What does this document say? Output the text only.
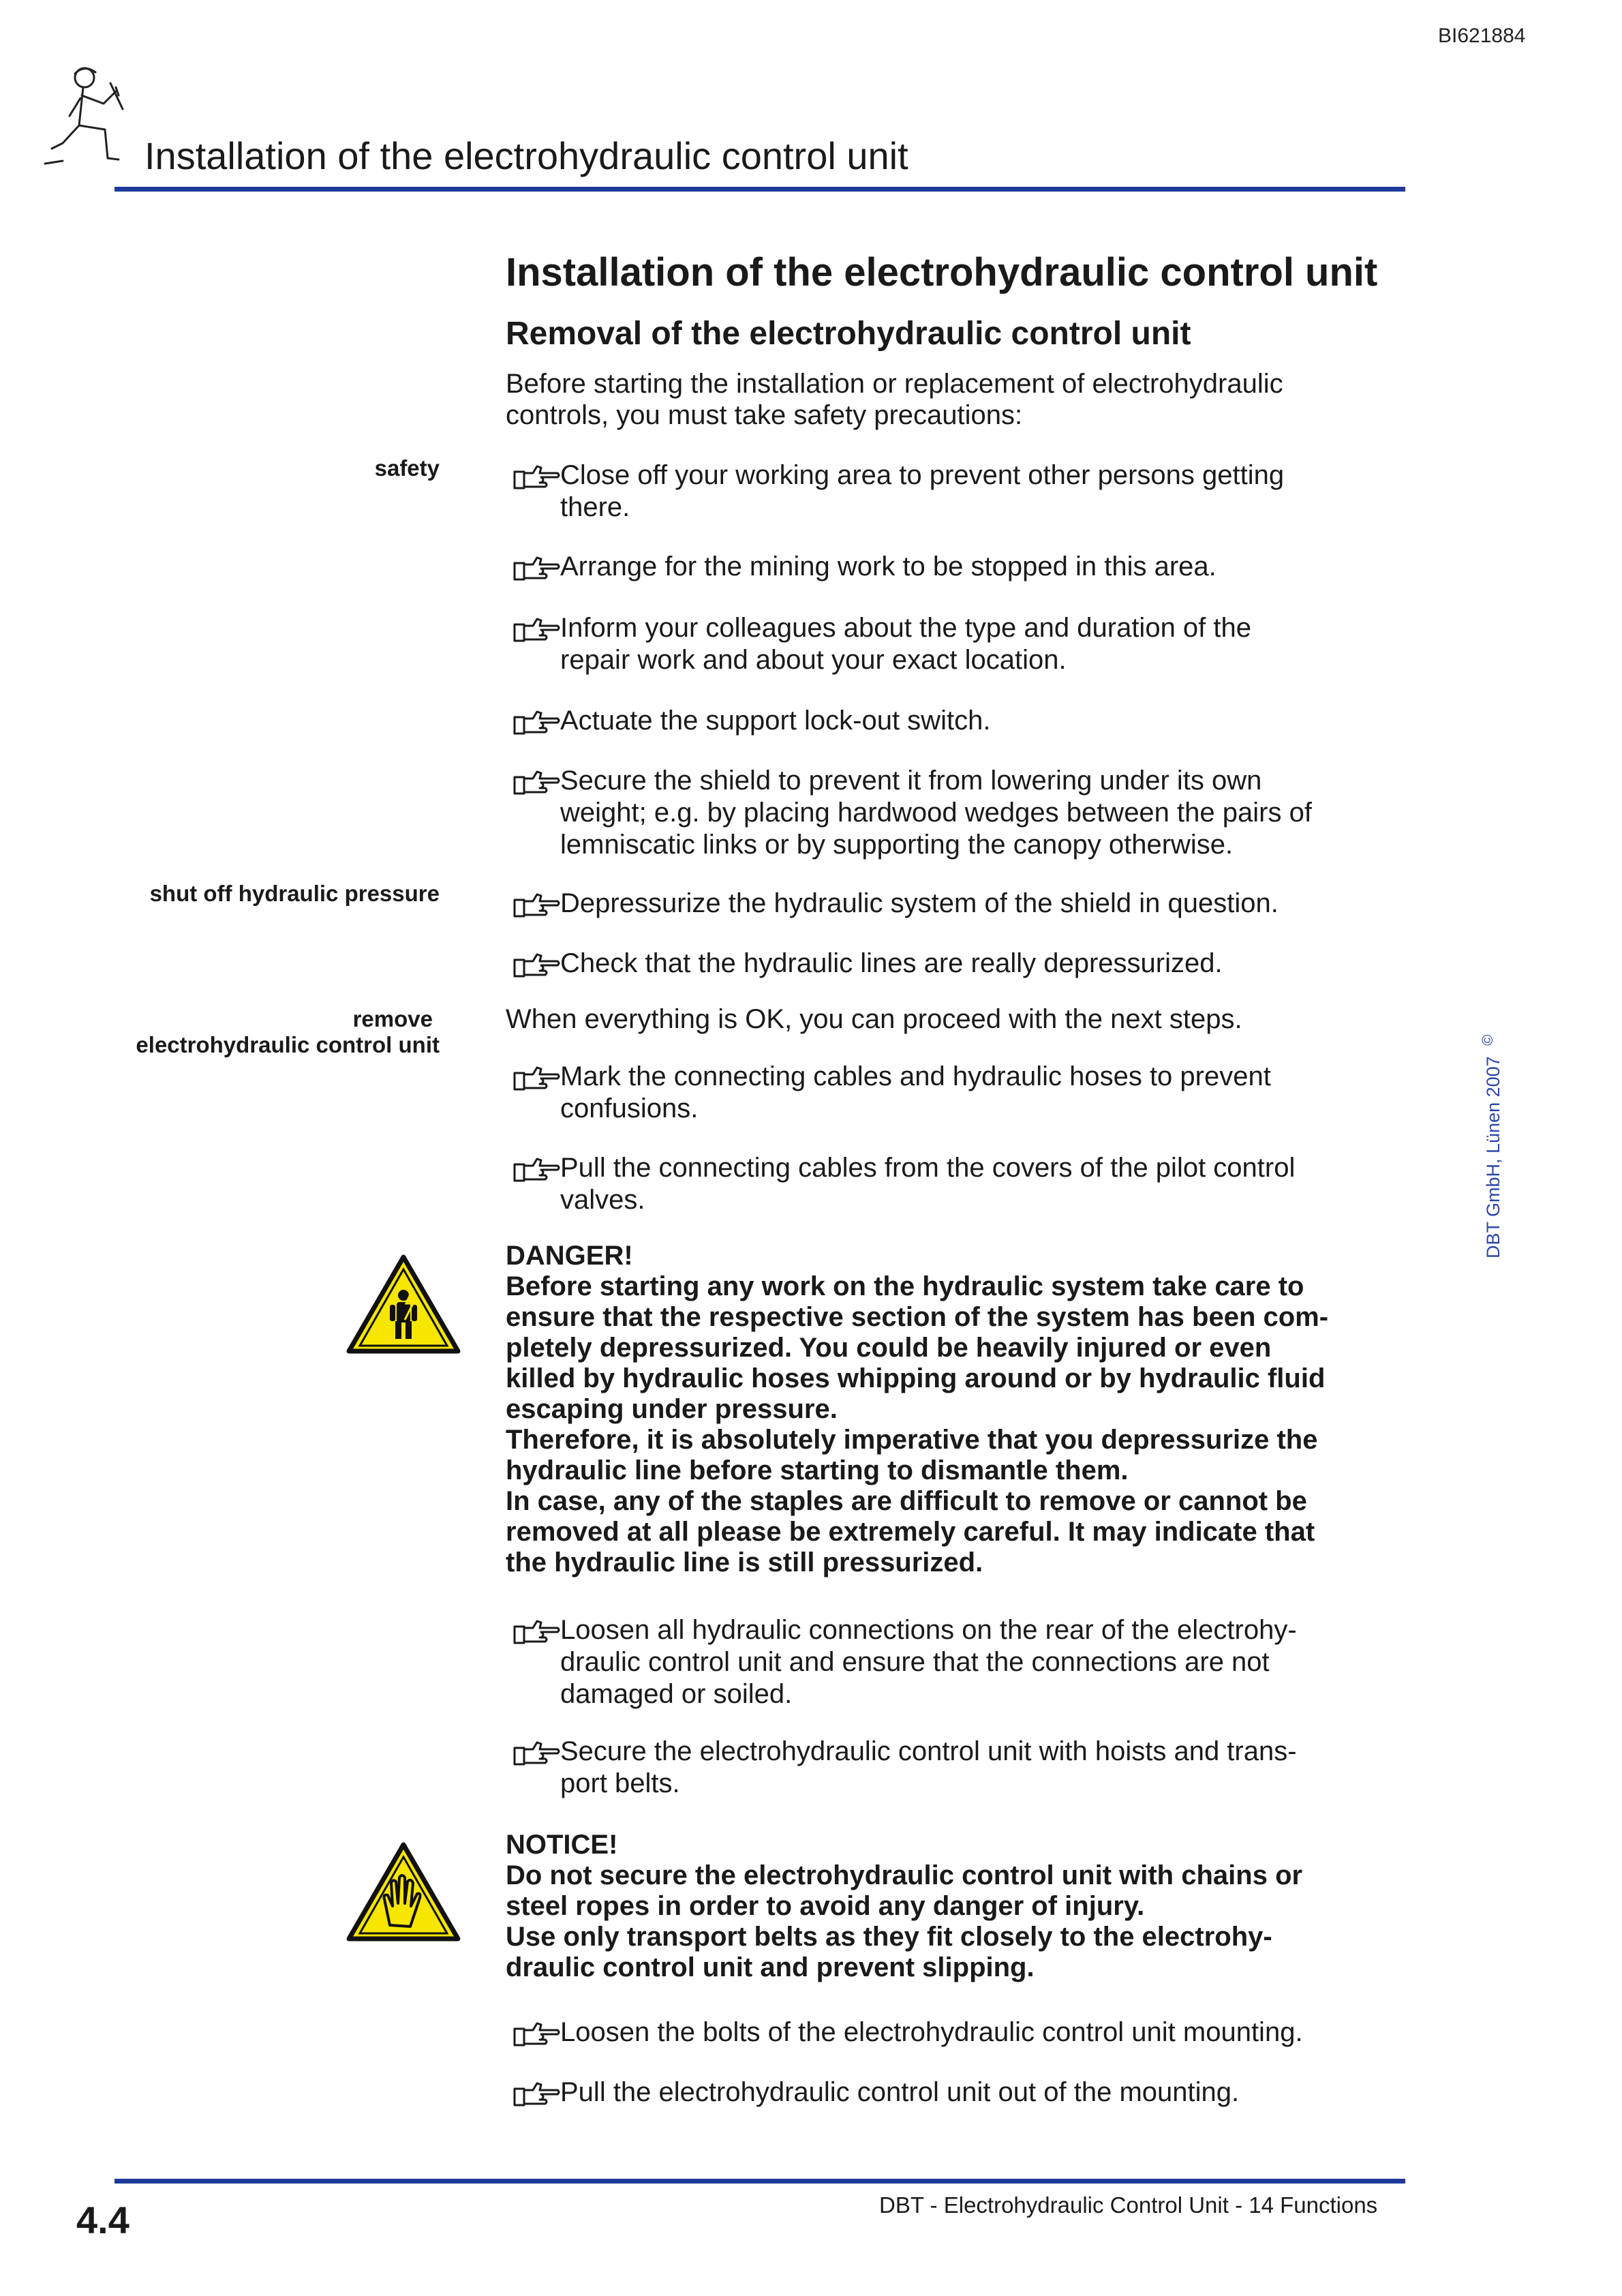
BI621884
Installation of the electrohydraulic control unit
Installation of the electrohydraulic control unit
Removal of the electrohydraulic control unit
Before starting the installation or replacement of electrohydraulic
controls, you must take safety precautions:
safety
shut off hydraulic pressure
remove
electrohydraulic control unit
Close off your working area to prevent other persons getting
there.
Arrange for the mining work to be stopped in this area.
Inform your colleagues about the type and duration of the
repair work and about your exact location.
Actuate the support lock-out switch.
Secure the shield to prevent it from lowering under its own
weight; e.g. by placing hardwood wedges between the pairs of
lemniscatic links or by supporting the canopy otherwise.
Depressurize the hydraulic system of the shield in question.
Check that the hydraulic lines are really depressurized.
When everything is OK, you can proceed with the next steps.
Mark the connecting cables and hydraulic hoses to prevent
confusions.
Pull the connecting cables from the covers of the pilot control
valves.
DANGER!
Before starting any work on the hydraulic system take care to
ensure that the respective section of the system has been com-
pletely depressurized. You could be heavily injured or even
killed by hydraulic hoses whipping around or by hydraulic fluid
escaping under pressure.
Therefore, it is absolutely imperative that you depressurize the
hydraulic line before starting to dismantle them.
In case, any of the staples are difficult to remove or cannot be
removed at all please be extremely careful. It may indicate that
the hydraulic line is still pressurized.
Loosen all hydraulic connections on the rear of the electrohy-
draulic control unit and ensure that the connections are not
damaged or soiled.
Secure the electrohydraulic control unit with hoists and trans-
port belts.
NOTICE!
Do not secure the electrohydraulic control unit with chains or
steel ropes in order to avoid any danger of injury.
Use only transport belts as they fit closely to the electrohy-
draulic control unit and prevent slipping.
Loosen the bolts of the electrohydraulic control unit mounting.
Pull the electrohydraulic control unit out of the mounting.
DBT GmbH, Lünen 2007 ©
4.4	DBT - Electrohydraulic Control Unit - 14 Functions
